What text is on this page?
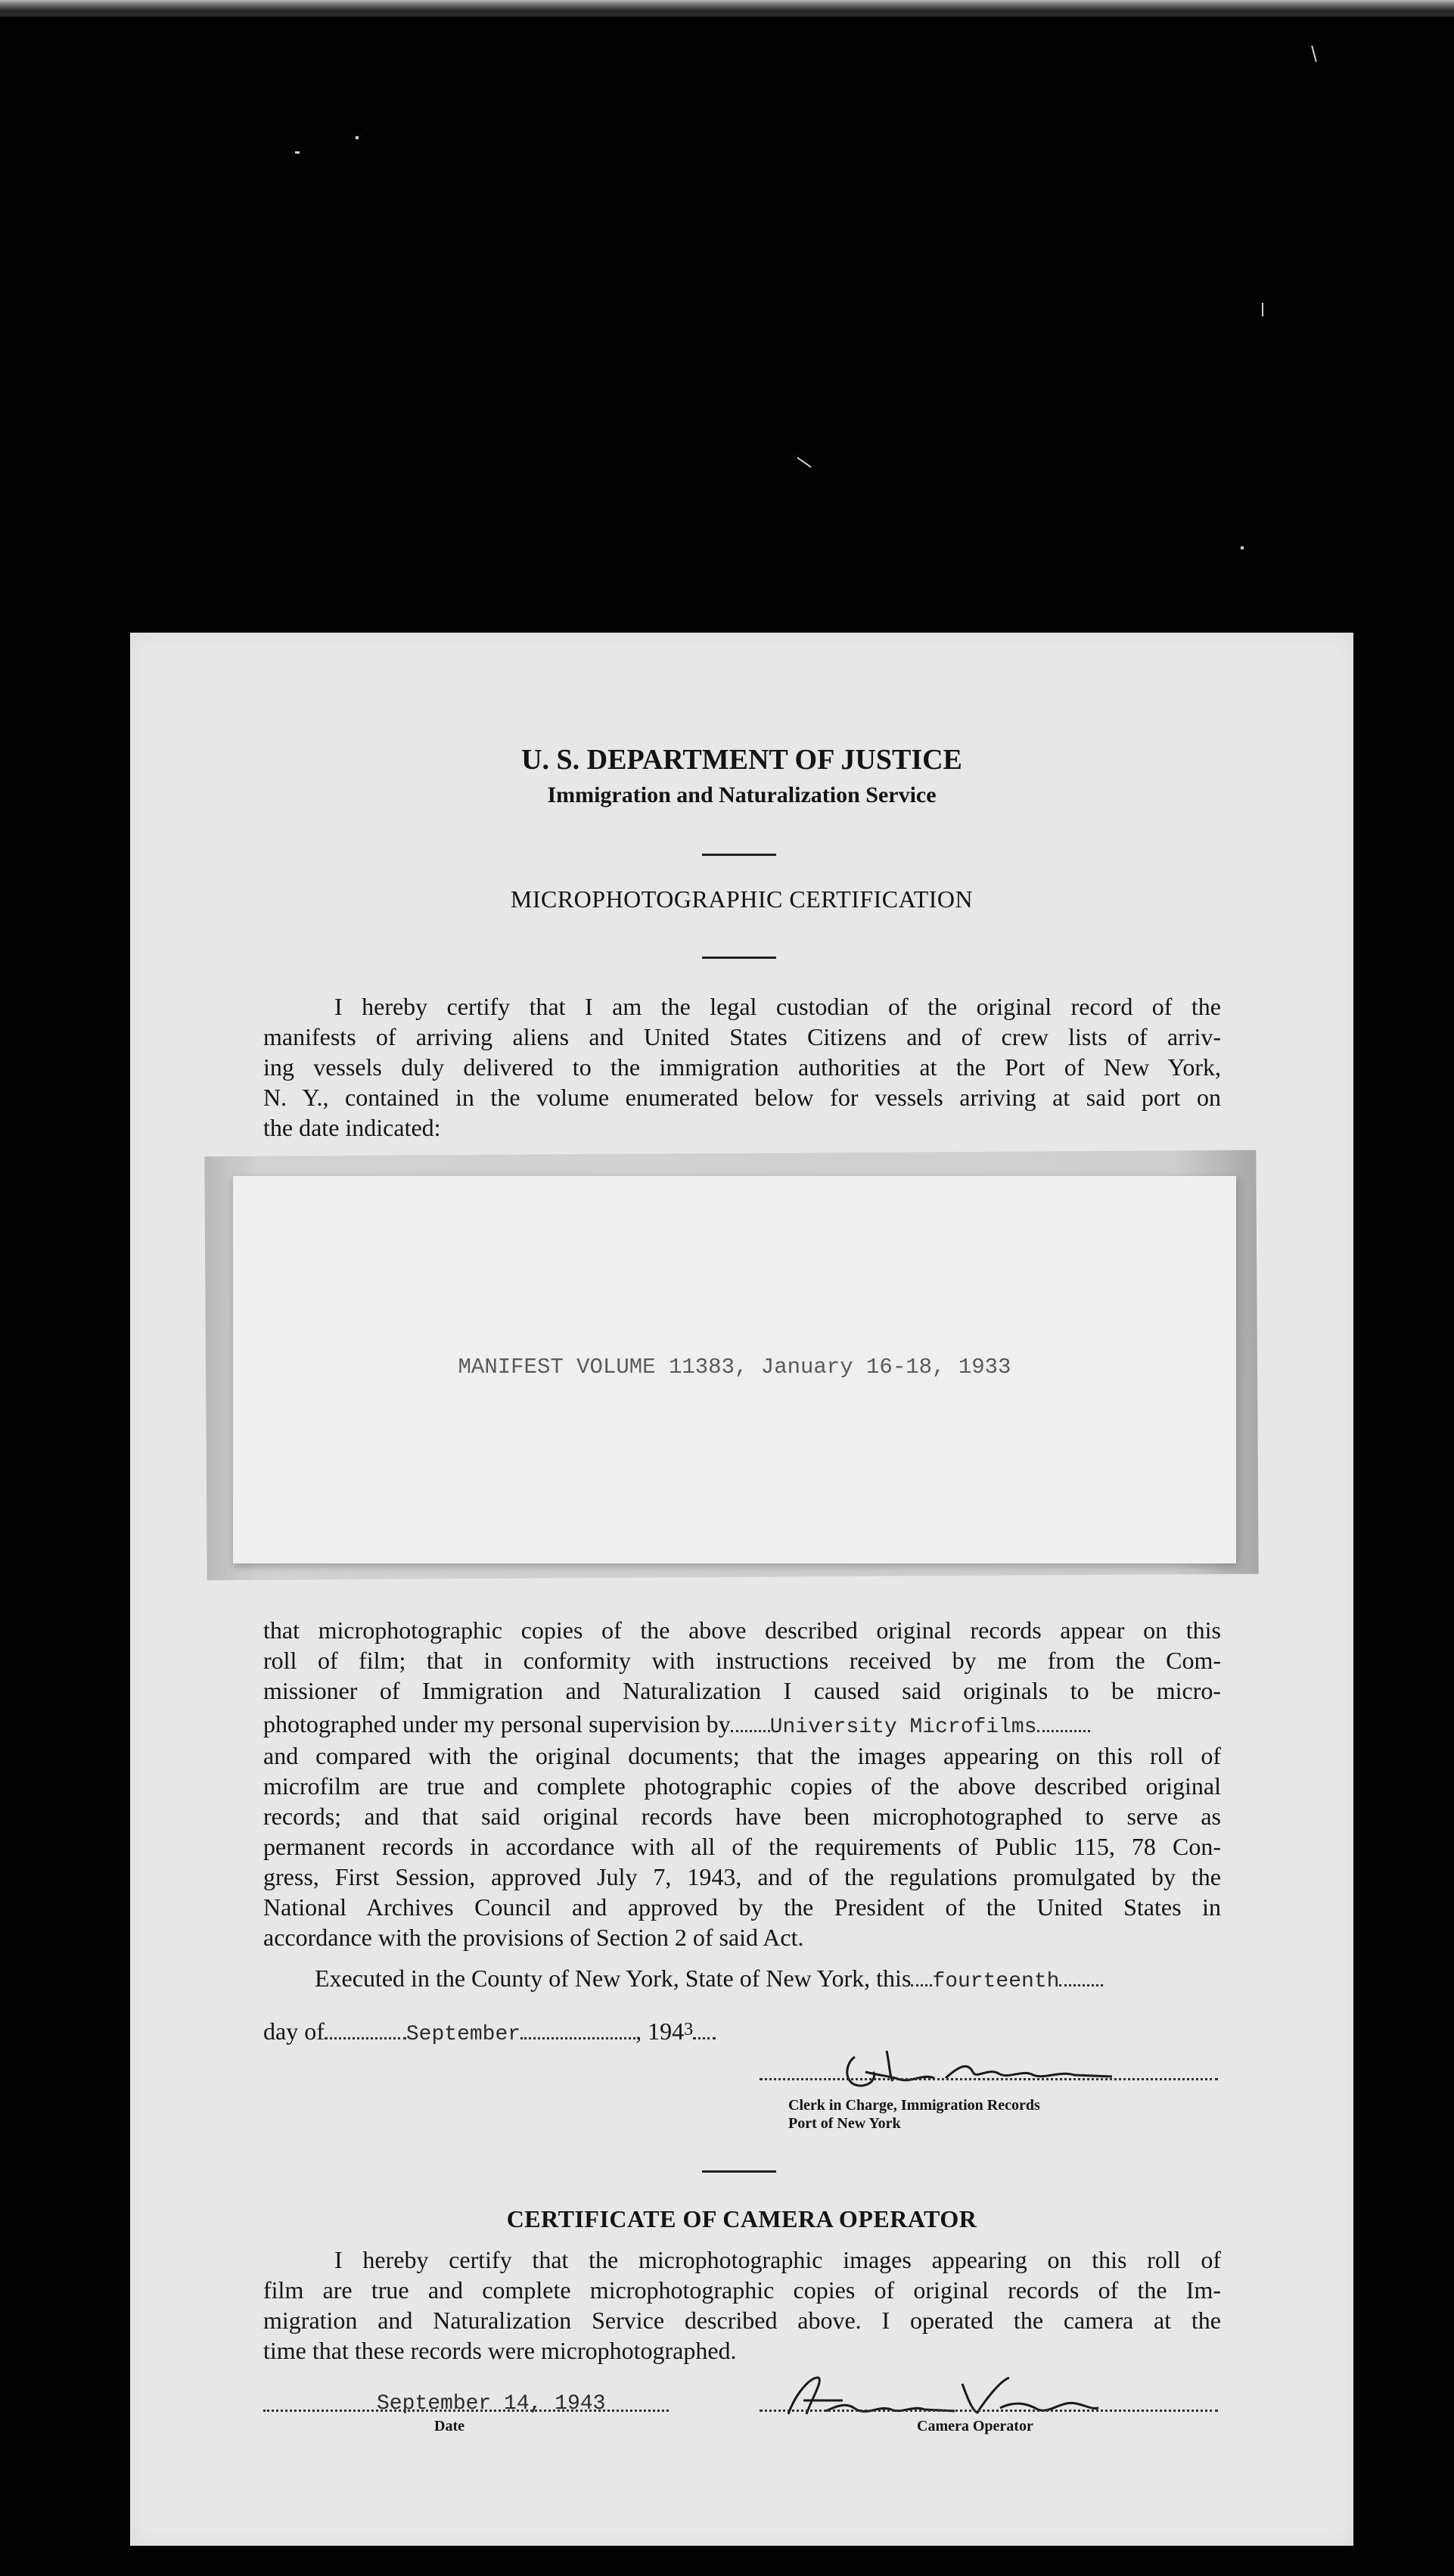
U. S. DEPARTMENT OF JUSTICE
Immigration and Naturalization Service
MICROPHOTOGRAPHIC CERTIFICATION
I hereby certify that I am the legal custodian of the original record of the
manifests of arriving aliens and United States Citizens and of crew lists of arriv-
ing vessels duly delivered to the immigration authorities at the Port of New York,
N. Y., contained in the volume enumerated below for vessels arriving at said port on
the date indicated:
MANIFEST VOLUME 11383, January 16-18, 1933
that microphotographic copies of the above described original records appear on this
roll of film; that in conformity with instructions received by me from the Com-
missioner of Immigration and Naturalization I caused said originals to be micro-
photographed under my personal supervision by University Microfilms
and compared with the original documents; that the images appearing on this roll of
microfilm are true and complete photographic copies of the above described original
records; and that said original records have been microphotographed to serve as
permanent records in accordance with all of the requirements of Public 115, 78 Con-
gress, First Session, approved July 7, 1943, and of the regulations promulgated by the
National Archives Council and approved by the President of the United States in
accordance with the provisions of Section 2 of said Act.
Executed in the County of New York, State of New York, this fourteenth
day of	September	, 1943
Clerk in Charge, Immigration Records
Port of New York
CERTIFICATE OF CAMERA OPERATOR
I hereby certify that the microphotographic images appearing on this roll of
film are true and complete microphotographic copies of original records of the Im-
migration and Naturalization Service described above. I operated the camera at the
time that these records were microphotographed.
September 14, 1943
Date	Camera Operator
